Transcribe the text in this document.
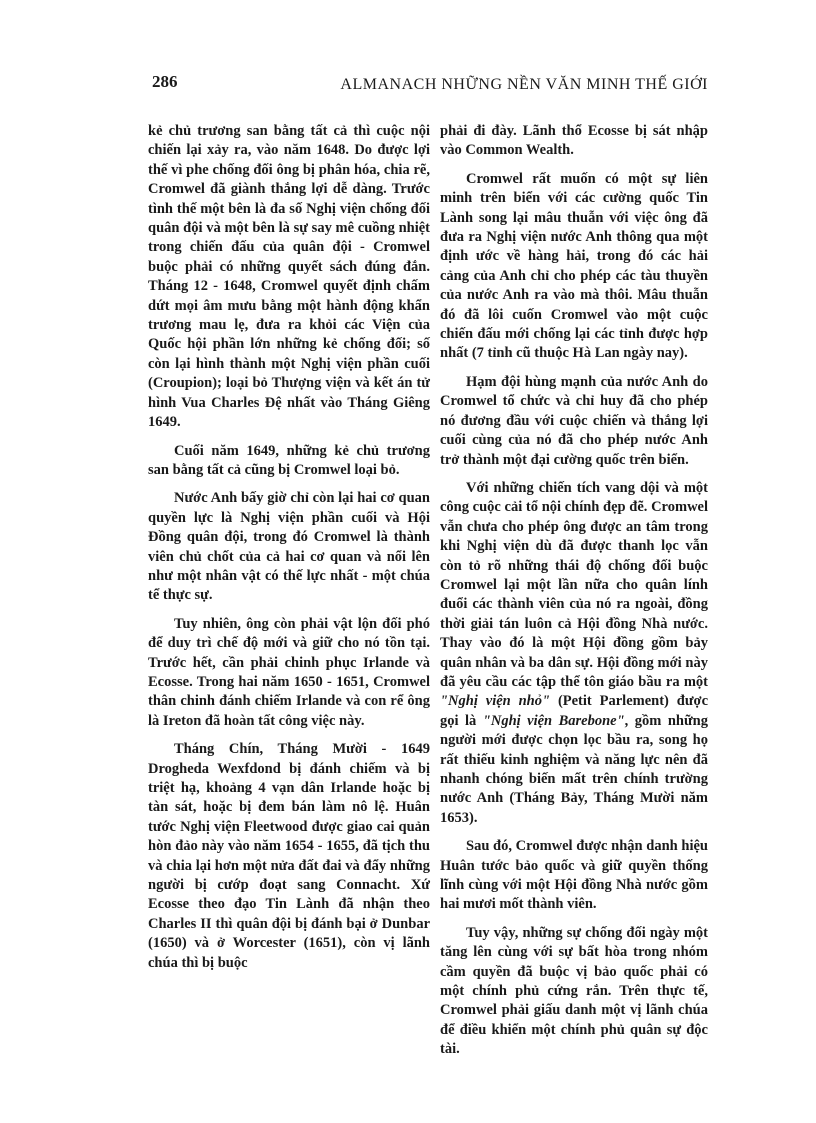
286	ALMANACH NHỮNG NỀN VĂN MINH THẾ GIỚI

kẻ chủ trương san bằng tất cả thì cuộc nội chiến lại xảy ra, vào năm 1648. Do được lợi thế vì phe chống đối ông bị phân hóa, chia rẽ, Cromwel đã giành thắng lợi dễ dàng. Trước tình thế một bên là đa số Nghị viện chống đối quân đội và một bên là sự say mê cuồng nhiệt trong chiến đấu của quân đội - Cromwel buộc phải có những quyết sách đúng đắn. Tháng 12 - 1648, Cromwel quyết định chấm dứt mọi âm mưu bằng một hành động khẩn trương mau lẹ, đưa ra khỏi các Viện của Quốc hội phần lớn những kẻ chống đối; số còn lại hình thành một Nghị viện phần cuối (Croupion); loại bỏ Thượng viện và kết án tử hình Vua Charles Đệ nhất vào Tháng Giêng 1649.

Cuối năm 1649, những kẻ chủ trương san bằng tất cả cũng bị Cromwel loại bỏ.

Nước Anh bấy giờ chỉ còn lại hai cơ quan quyền lực là Nghị viện phần cuối và Hội Đồng quân đội, trong đó Cromwel là thành viên chủ chốt của cả hai cơ quan và nổi lên như một nhân vật có thế lực nhất - một chúa tể thực sự.

Tuy nhiên, ông còn phải vật lộn đối phó để duy trì chế độ mới và giữ cho nó tồn tại. Trước hết, cần phải chinh phục Irlande và Ecosse. Trong hai năm 1650 - 1651, Cromwel thân chinh đánh chiếm Irlande và con rể ông là Ireton đã hoàn tất công việc này.

Tháng Chín, Tháng Mười - 1649 Drogheda Wexfdond bị đánh chiếm và bị triệt hạ, khoảng 4 vạn dân Irlande hoặc bị tàn sát, hoặc bị đem bán làm nô lệ. Huân tước Nghị viện Fleetwood được giao cai quản hòn đảo này vào năm 1654 - 1655, đã tịch thu và chia lại hơn một nửa đất đai và đẩy những người bị cướp đoạt sang Connacht. Xứ Ecosse theo đạo Tin Lành đã nhận theo Charles II thì quân đội bị đánh bại ở Dunbar (1650) và ở Worcester (1651), còn vị lãnh chúa thì bị buộc

phải đi đày. Lãnh thổ Ecosse bị sát nhập vào Common Wealth.

Cromwel rất muốn có một sự liên minh trên biển với các cường quốc Tin Lành song lại mâu thuẫn với việc ông đã đưa ra Nghị viện nước Anh thông qua một định ước về hàng hải, trong đó các hải cảng của Anh chỉ cho phép các tàu thuyền của nước Anh ra vào mà thôi. Mâu thuẫn đó đã lôi cuốn Cromwel vào một cuộc chiến đấu mới chống lại các tỉnh được hợp nhất (7 tỉnh cũ thuộc Hà Lan ngày nay).

Hạm đội hùng mạnh của nước Anh do Cromwel tổ chức và chỉ huy đã cho phép nó đương đầu với cuộc chiến và thắng lợi cuối cùng của nó đã cho phép nước Anh trở thành một đại cường quốc trên biển.

Với những chiến tích vang dội và một công cuộc cải tổ nội chính đẹp đẽ. Cromwel vẫn chưa cho phép ông được an tâm trong khi Nghị viện dù đã được thanh lọc vẫn còn tỏ rõ những thái độ chống đối buộc Cromwel lại một lần nữa cho quân lính đuổi các thành viên của nó ra ngoài, đồng thời giải tán luôn cả Hội đồng Nhà nước. Thay vào đó là một Hội đồng gồm bảy quân nhân và ba dân sự. Hội đồng mới này đã yêu cầu các tập thể tôn giáo bầu ra một "Nghị viện nhỏ" (Petit Parlement) được gọi là "Nghị viện Barebone", gồm những người mới được chọn lọc bầu ra, song họ rất thiếu kinh nghiệm và năng lực nên đã nhanh chóng biến mất trên chính trường nước Anh (Tháng Bảy, Tháng Mười năm 1653).

Sau đó, Cromwel được nhận danh hiệu Huân tước bảo quốc và giữ quyền thống lĩnh cùng với một Hội đồng Nhà nước gồm hai mươi mốt thành viên.

Tuy vậy, những sự chống đối ngày một tăng lên cùng với sự bất hòa trong nhóm cầm quyền đã buộc vị bảo quốc phải có một chính phủ cứng rắn. Trên thực tế, Cromwel phải giấu danh một vị lãnh chúa để điều khiển một chính phủ quân sự độc tài.
